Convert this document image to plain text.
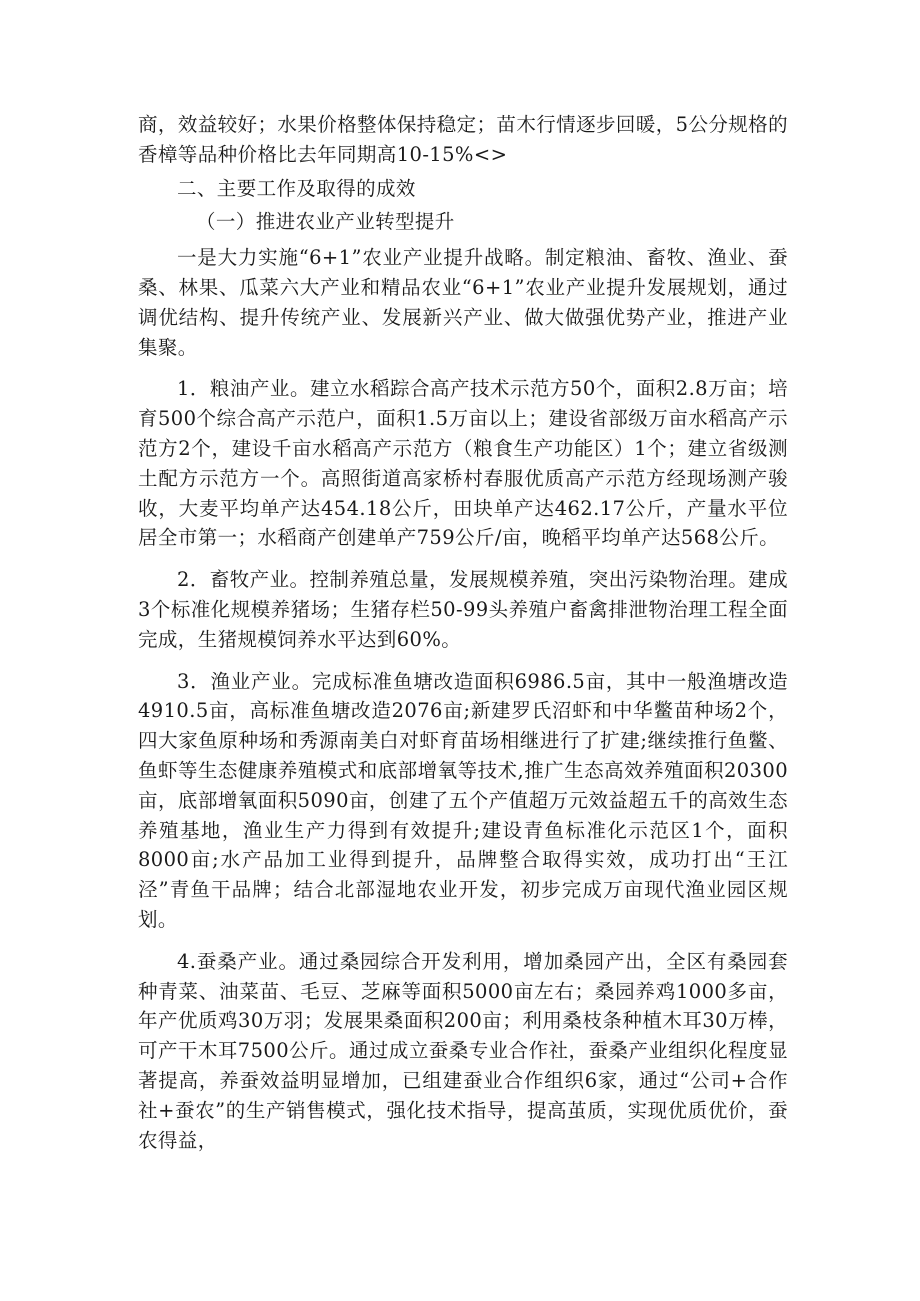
商，效益较好；水果价格整体保持稳定；苗木行情逐步回暖，5公分规格的香樟等品种价格比去年同期高10-15%<>

二、主要工作及取得的成效

（一）推进农业产业转型提升

一是大力实施“6+1”农业产业提升战略。制定粮油、畜牧、渔业、蚕桑、林果、瓜菜六大产业和精品农业“6+1”农业产业提升发展规划，通过调优结构、提升传统产业、发展新兴产业、做大做强优势产业，推进产业集聚。

1．粮油产业。建立水稻踪合高产技术示范方50个，面积2.8万亩；培育500个综合高产示范户，面积1.5万亩以上；建设省部级万亩水稻高产示范方2个，建设千亩水稻高产示范方（粮食生产功能区）1个；建立省级测土配方示范方一个。高照街道高家桥村春服优质高产示范方经现场测产骏收，大麦平均单产达454.18公斤，田块单产达462.17公斤，产量水平位居全市第一；水稻商产创建单产759公斤/亩，晚稻平均单产达568公斤。

2．畜牧产业。控制养殖总量，发展规模养殖，突出污染物治理。建成3个标准化规模养猪场；生猪存栏50-99头养殖户畜禽排泄物治理工程全面完成，生猪规模饲养水平达到60%。

3．渔业产业。完成标准鱼塘改造面积6986.5亩，其中一般渔塘改造4910.5亩，高标准鱼塘改造2076亩;新建罗氏沼虾和中华鳖苗种场2个，四大家鱼原种场和秀源南美白对虾育苗场相继进行了扩建;继续推行鱼鳖、鱼虾等生态健康养殖模式和底部增氧等技术,推广生态高效养殖面积20300亩，底部增氧面积5090亩，创建了五个产值超万元效益超五千的高效生态养殖基地，渔业生产力得到有效提升;建设青鱼标准化示范区1个，面积8000亩;水产品加工业得到提升，品牌整合取得实效，成功打出“王江泾”青鱼干品牌；结合北部湿地农业开发，初步完成万亩现代渔业园区规划。

4.蚕桑产业。通过桑园综合开发利用，增加桑园产出，全区有桑园套种青菜、油菜苗、毛豆、芝麻等面积5000亩左右；桑园养鸡1000多亩，年产优质鸡30万羽；发展果桑面积200亩；利用桑枝条种植木耳30万棒，可产干木耳7500公斤。通过成立蚕桑专业合作社，蚕桑产业组织化程度显著提高，养蚕效益明显增加，已组建蚕业合作组织6家，通过“公司+合作社+蚕农”的生产销售模式，强化技术指导，提高茧质，实现优质优价，蚕农得益，
